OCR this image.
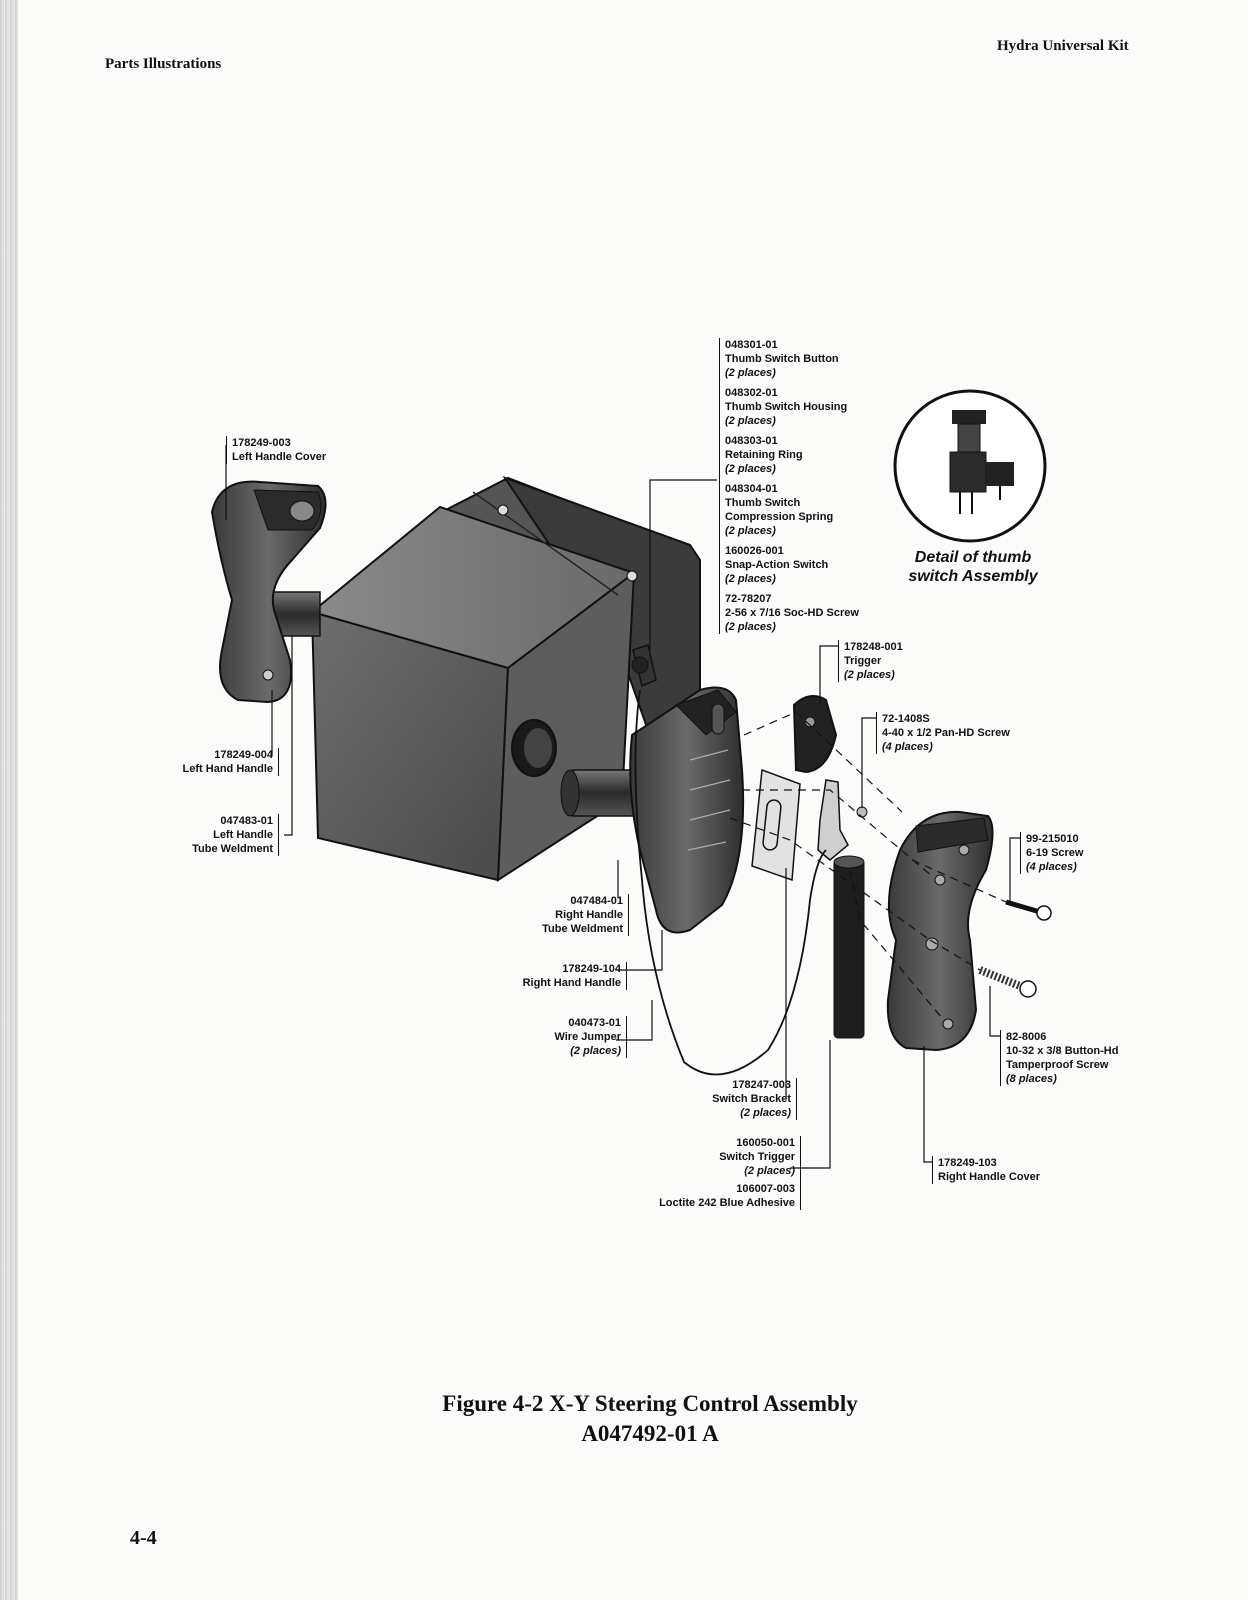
Parts Illustrations
Hydra Universal Kit
178249-003
Left Handle Cover
178249-004
Left Hand Handle
047483-01
Left Handle
Tube Weldment
048301-01
Thumb Switch Button
(2 places)
048302-01
Thumb Switch Housing
(2 places)
048303-01
Retaining Ring
(2 places)
048304-01
Thumb Switch
Compression Spring
(2 places)
160026-001
Snap-Action Switch
(2 places)
72-78207
2-56 x 7/16 Soc-HD Screw
(2 places)
Detail of thumb switch Assembly
178248-001
Trigger
(2 places)
72-1408S
4-40 x 1/2 Pan-HD Screw
(4 places)
99-215010
6-19 Screw
(4 places)
82-8006
10-32 x 3/8 Button-Hd
Tamperproof Screw
(8 places)
178249-103
Right Handle Cover
047484-01
Right Handle
Tube Weldment
178249-104
Right Hand Handle
040473-01
Wire Jumper
(2 places)
178247-003
Switch Bracket
(2 places)
160050-001
Switch Trigger
(2 places)
106007-003
Loctite 242 Blue Adhesive
Figure 4-2 X-Y Steering Control Assembly
A047492-01 A
4-4
